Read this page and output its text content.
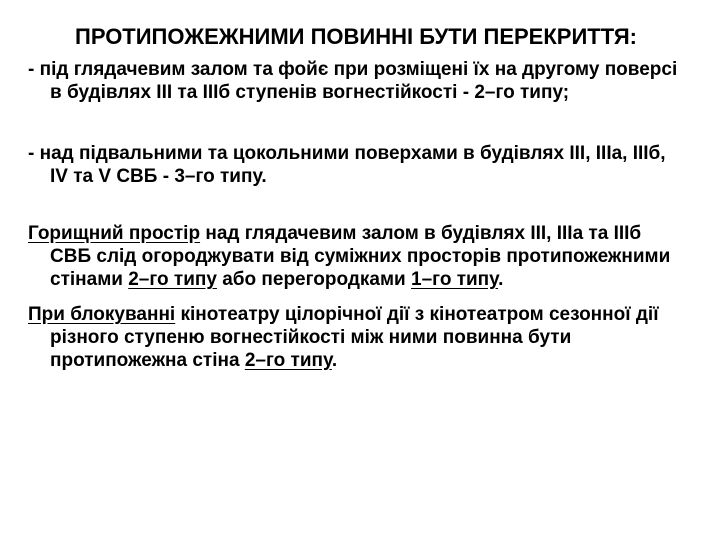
ПРОТИПОЖЕЖНИМИ ПОВИННІ БУТИ ПЕРЕКРИТТЯ:

- під глядачевим залом та фойє при розміщені їх на другому поверсі в будівлях ІІІ та ІІІб ступенів вогнестійкості - 2–го типу;

- над підвальними та цокольними поверхами в будівлях ІІІ, ІІІа, ІІІб, IV та V СВБ - 3–го типу.

Горищний простір над глядачевим залом в будівлях ІІІ, ІІІа та ІІІб СВБ слід огороджувати від суміжних просторів протипожежними стінами 2–го типу або перегородками 1–го типу.

При блокуванні кінотеатру цілорічної дії з кінотеатром сезонної дії різного ступеню вогнестійкості між ними повинна бути протипожежна стіна 2–го типу.
